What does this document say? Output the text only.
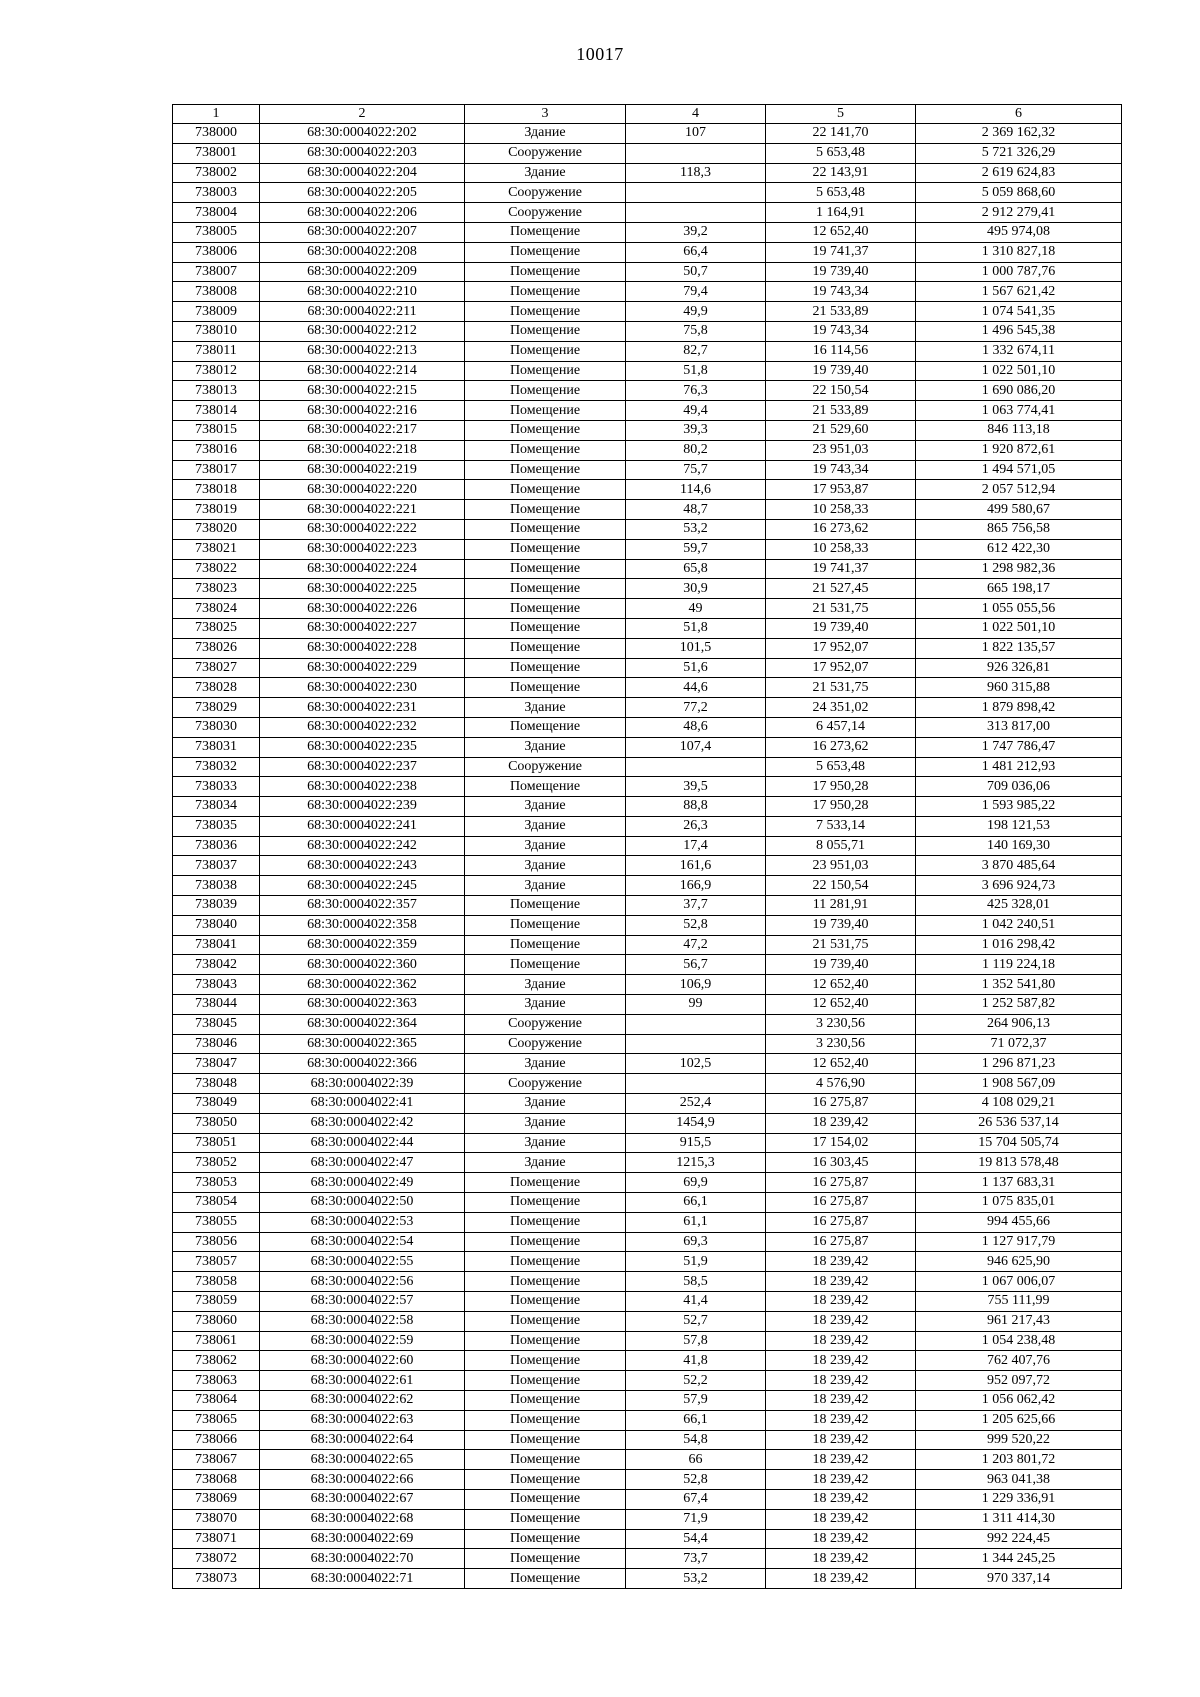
10017
1	2	3	4	5	6
738000	68:30:0004022:202	Здание	107	22 141,70	2 369 162,32
738001	68:30:0004022:203	Сооружение		5 653,48	5 721 326,29
738002	68:30:0004022:204	Здание	118,3	22 143,91	2 619 624,83
738003	68:30:0004022:205	Сооружение		5 653,48	5 059 868,60
738004	68:30:0004022:206	Сооружение		1 164,91	2 912 279,41
738005	68:30:0004022:207	Помещение	39,2	12 652,40	495 974,08
738006	68:30:0004022:208	Помещение	66,4	19 741,37	1 310 827,18
738007	68:30:0004022:209	Помещение	50,7	19 739,40	1 000 787,76
738008	68:30:0004022:210	Помещение	79,4	19 743,34	1 567 621,42
738009	68:30:0004022:211	Помещение	49,9	21 533,89	1 074 541,35
738010	68:30:0004022:212	Помещение	75,8	19 743,34	1 496 545,38
738011	68:30:0004022:213	Помещение	82,7	16 114,56	1 332 674,11
738012	68:30:0004022:214	Помещение	51,8	19 739,40	1 022 501,10
738013	68:30:0004022:215	Помещение	76,3	22 150,54	1 690 086,20
738014	68:30:0004022:216	Помещение	49,4	21 533,89	1 063 774,41
738015	68:30:0004022:217	Помещение	39,3	21 529,60	846 113,18
738016	68:30:0004022:218	Помещение	80,2	23 951,03	1 920 872,61
738017	68:30:0004022:219	Помещение	75,7	19 743,34	1 494 571,05
738018	68:30:0004022:220	Помещение	114,6	17 953,87	2 057 512,94
738019	68:30:0004022:221	Помещение	48,7	10 258,33	499 580,67
738020	68:30:0004022:222	Помещение	53,2	16 273,62	865 756,58
738021	68:30:0004022:223	Помещение	59,7	10 258,33	612 422,30
738022	68:30:0004022:224	Помещение	65,8	19 741,37	1 298 982,36
738023	68:30:0004022:225	Помещение	30,9	21 527,45	665 198,17
738024	68:30:0004022:226	Помещение	49	21 531,75	1 055 055,56
738025	68:30:0004022:227	Помещение	51,8	19 739,40	1 022 501,10
738026	68:30:0004022:228	Помещение	101,5	17 952,07	1 822 135,57
738027	68:30:0004022:229	Помещение	51,6	17 952,07	926 326,81
738028	68:30:0004022:230	Помещение	44,6	21 531,75	960 315,88
738029	68:30:0004022:231	Здание	77,2	24 351,02	1 879 898,42
738030	68:30:0004022:232	Помещение	48,6	6 457,14	313 817,00
738031	68:30:0004022:235	Здание	107,4	16 273,62	1 747 786,47
738032	68:30:0004022:237	Сооружение		5 653,48	1 481 212,93
738033	68:30:0004022:238	Помещение	39,5	17 950,28	709 036,06
738034	68:30:0004022:239	Здание	88,8	17 950,28	1 593 985,22
738035	68:30:0004022:241	Здание	26,3	7 533,14	198 121,53
738036	68:30:0004022:242	Здание	17,4	8 055,71	140 169,30
738037	68:30:0004022:243	Здание	161,6	23 951,03	3 870 485,64
738038	68:30:0004022:245	Здание	166,9	22 150,54	3 696 924,73
738039	68:30:0004022:357	Помещение	37,7	11 281,91	425 328,01
738040	68:30:0004022:358	Помещение	52,8	19 739,40	1 042 240,51
738041	68:30:0004022:359	Помещение	47,2	21 531,75	1 016 298,42
738042	68:30:0004022:360	Помещение	56,7	19 739,40	1 119 224,18
738043	68:30:0004022:362	Здание	106,9	12 652,40	1 352 541,80
738044	68:30:0004022:363	Здание	99	12 652,40	1 252 587,82
738045	68:30:0004022:364	Сооружение		3 230,56	264 906,13
738046	68:30:0004022:365	Сооружение		3 230,56	71 072,37
738047	68:30:0004022:366	Здание	102,5	12 652,40	1 296 871,23
738048	68:30:0004022:39	Сооружение		4 576,90	1 908 567,09
738049	68:30:0004022:41	Здание	252,4	16 275,87	4 108 029,21
738050	68:30:0004022:42	Здание	1454,9	18 239,42	26 536 537,14
738051	68:30:0004022:44	Здание	915,5	17 154,02	15 704 505,74
738052	68:30:0004022:47	Здание	1215,3	16 303,45	19 813 578,48
738053	68:30:0004022:49	Помещение	69,9	16 275,87	1 137 683,31
738054	68:30:0004022:50	Помещение	66,1	16 275,87	1 075 835,01
738055	68:30:0004022:53	Помещение	61,1	16 275,87	994 455,66
738056	68:30:0004022:54	Помещение	69,3	16 275,87	1 127 917,79
738057	68:30:0004022:55	Помещение	51,9	18 239,42	946 625,90
738058	68:30:0004022:56	Помещение	58,5	18 239,42	1 067 006,07
738059	68:30:0004022:57	Помещение	41,4	18 239,42	755 111,99
738060	68:30:0004022:58	Помещение	52,7	18 239,42	961 217,43
738061	68:30:0004022:59	Помещение	57,8	18 239,42	1 054 238,48
738062	68:30:0004022:60	Помещение	41,8	18 239,42	762 407,76
738063	68:30:0004022:61	Помещение	52,2	18 239,42	952 097,72
738064	68:30:0004022:62	Помещение	57,9	18 239,42	1 056 062,42
738065	68:30:0004022:63	Помещение	66,1	18 239,42	1 205 625,66
738066	68:30:0004022:64	Помещение	54,8	18 239,42	999 520,22
738067	68:30:0004022:65	Помещение	66	18 239,42	1 203 801,72
738068	68:30:0004022:66	Помещение	52,8	18 239,42	963 041,38
738069	68:30:0004022:67	Помещение	67,4	18 239,42	1 229 336,91
738070	68:30:0004022:68	Помещение	71,9	18 239,42	1 311 414,30
738071	68:30:0004022:69	Помещение	54,4	18 239,42	992 224,45
738072	68:30:0004022:70	Помещение	73,7	18 239,42	1 344 245,25
738073	68:30:0004022:71	Помещение	53,2	18 239,42	970 337,14
